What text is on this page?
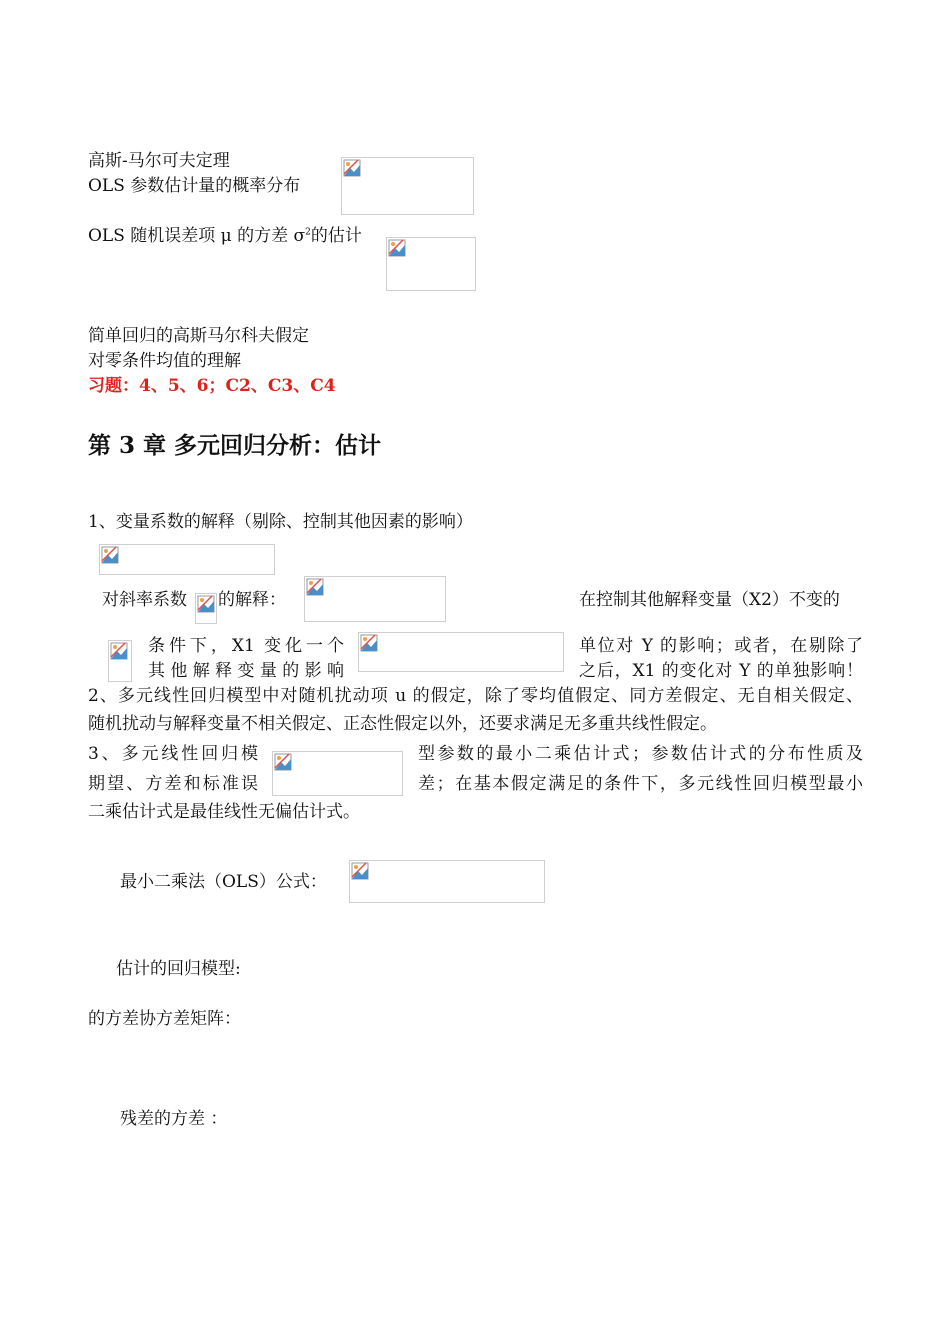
高斯-马尔可夫定理
OLS 参数估计量的概率分布
OLS 随机误差项 μ 的方差 $\sigma^2$的估计
简单回归的高斯马尔科夫假定
对零条件均值的理解
习题：4、5、6；C2、C3、C4
第 3 章 多元回归分析：估计
1、变量系数的解释（剔除、控制其他因素的影响）
对斜率系数 的解释：	在控制其他解释变量（X2）不变的
条件下，X1 变化一个
其他解释变量的影响
单位对 Y 的影响；或者，在剔除了
之后，X1 的变化对 Y 的单独影响！
2、多元线性回归模型中对随机扰动项 u 的假定，除了零均值假定、同方差假定、无自相关假定、
随机扰动与解释变量不相关假定、正态性假定以外，还要求满足无多重共线性假定。
3、多元线性回归模
期望、方差和标准误
型参数的最小二乘估计式；参数估计式的分布性质及
差；在基本假定满足的条件下，多元线性回归模型最小
二乘估计式是最佳线性无偏估计式。
最小二乘法（OLS）公式：
估计的回归模型:
的方差协方差矩阵：
残差的方差 ：
